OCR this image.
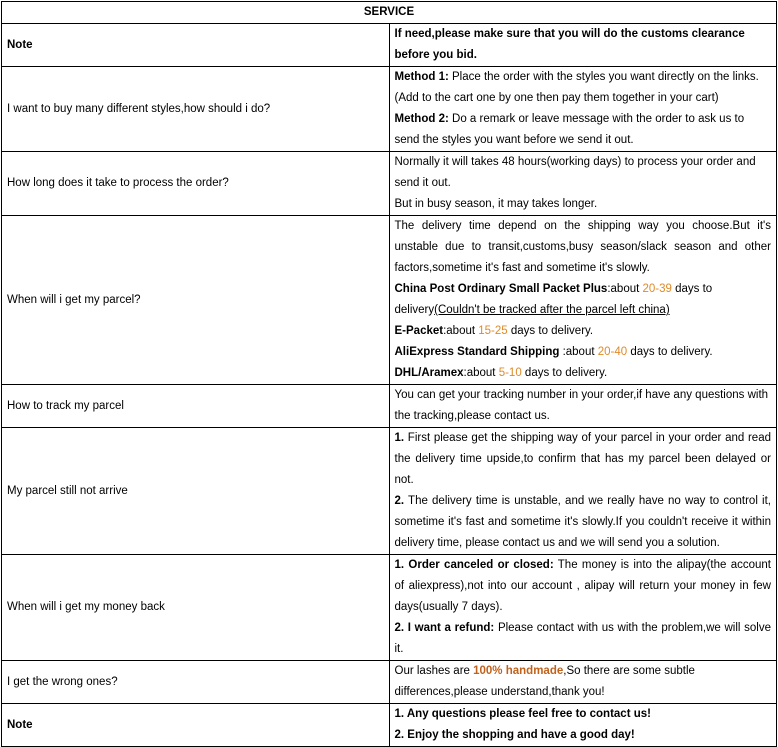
SERVICE	
Note	If need,please make sure that you will do the customs clearance before you bid.
I want to buy many different styles,how should i do?	Method 1: Place the order with the styles you want directly on the links.(Add to the cart one by one then pay them together in your cart)
Method 2: Do a remark or leave message with the order to ask us to send the styles you want before we send it out.

How long does it take to process the order?	Normally it will takes 48 hours(working days) to process your order and send it out.
But in busy season, it may takes longer.

When will i get my parcel?	The delivery time depend on the shipping way you choose.But it's unstable due to transit,customs,busy season/slack season and other factors,sometime it's fast and sometime it's slowly.
China Post Ordinary Small Packet Plus:about 20-39 days to delivery(Couldn't be tracked after the parcel left china)
E-Packet:about 15-25 days to delivery.
AliExpress Standard Shipping :about 20-40 days to delivery.
DHL/Aramex:about 5-10 days to delivery.

How to track my parcel	You can get your tracking number in your order,if have any questions with the tracking,please contact us.
My parcel still not arrive	1. First please get the shipping way of your parcel in your order and read the delivery time upside,to confirm that has my parcel been delayed or not.
2. The delivery time is unstable, and we really have no way to control it, sometime it's fast and sometime it's slowly.If you couldn't receive it within delivery time, please contact us and we will send you a solution.

When will i get my money back	1. Order canceled or closed: The money is into the alipay(the account of aliexpress),not into our account , alipay will return your money in few days(usually 7 days).
2. I want a refund: Please contact with us with the problem,we will solve it.

I get the wrong ones?	Our lashes are 100% handmade,So there are some subtle differences,please understand,thank you!
Note	1. Any questions please feel free to contact us!
2. Enjoy the shopping and have a good day!
